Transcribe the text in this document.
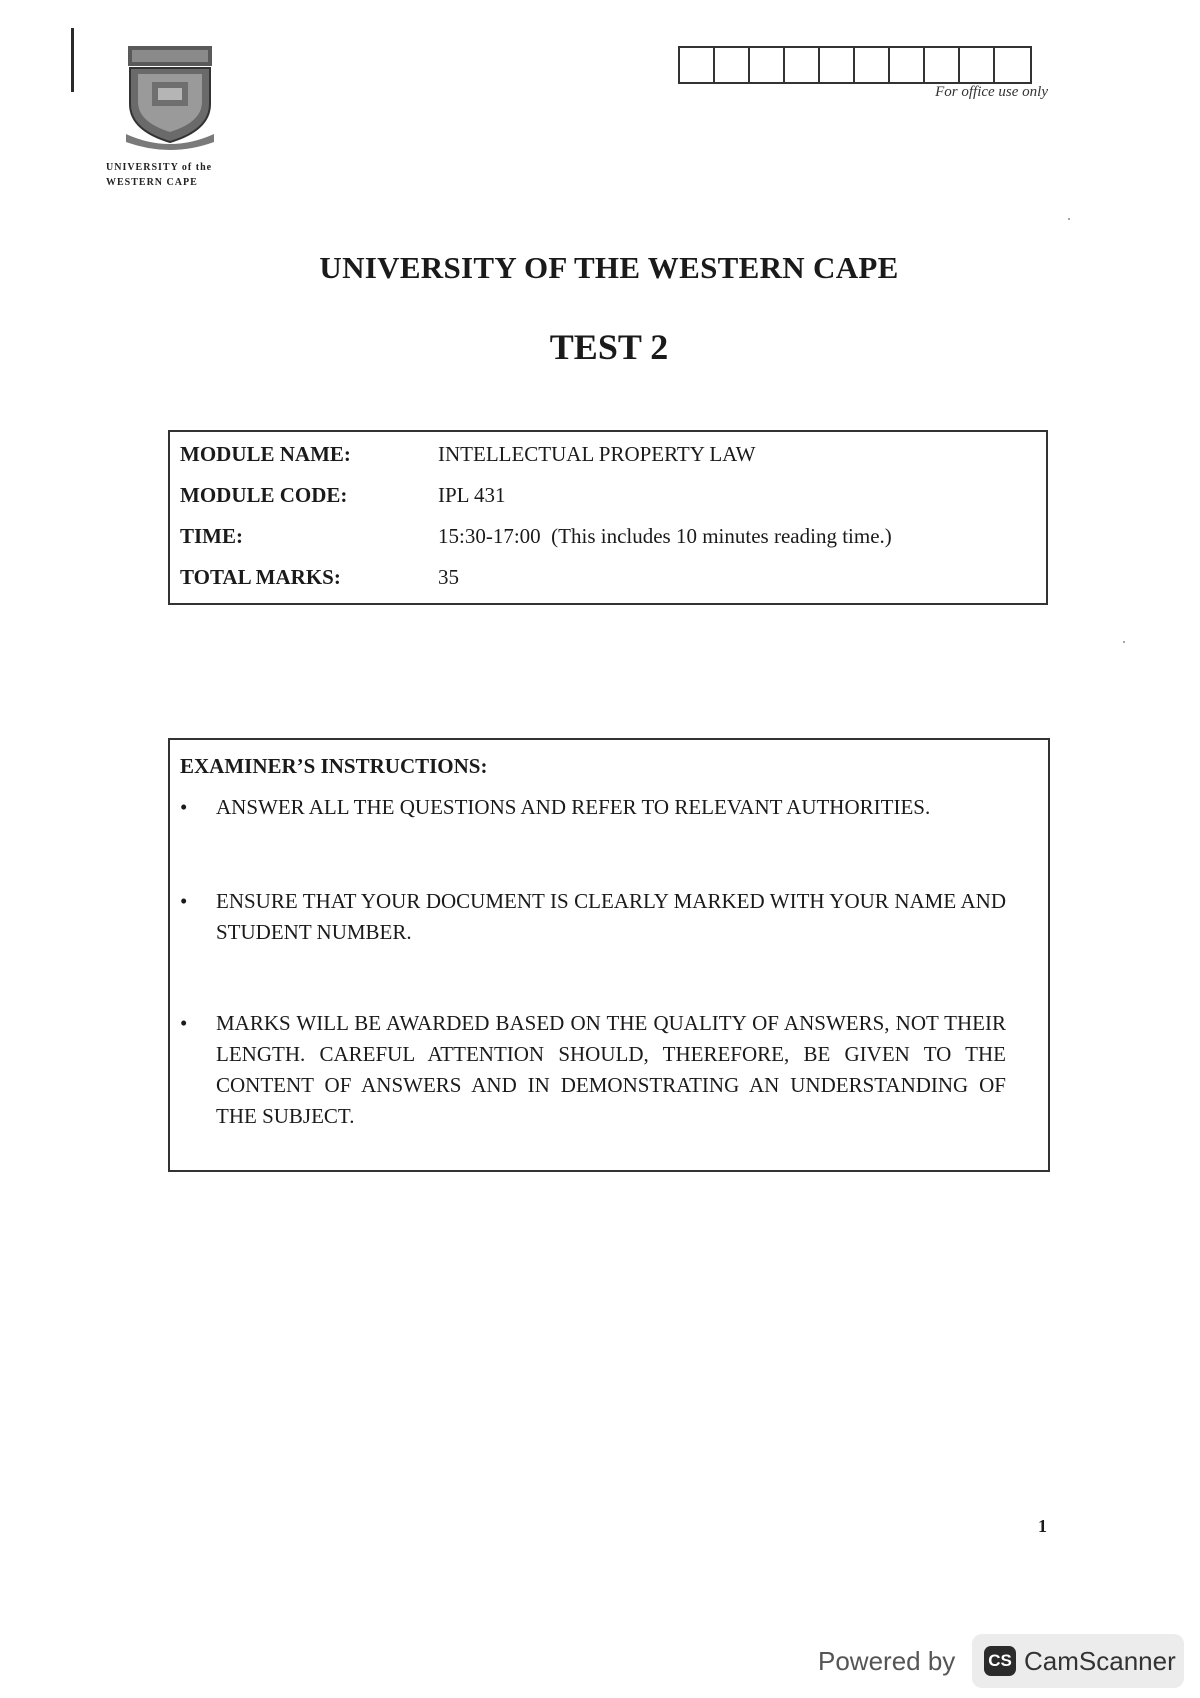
UNIVERSITY of the
WESTERN CAPE
For office use only
UNIVERSITY OF THE WESTERN CAPE
TEST 2
MODULE NAME:	INTELLECTUAL PROPERTY LAW
MODULE CODE:	IPL 431
TIME:	15:30-17:00  (This includes 10 minutes reading time.)
TOTAL MARKS:	35
EXAMINER’S INSTRUCTIONS:
• ANSWER ALL THE QUESTIONS AND REFER TO RELEVANT AUTHORITIES.
• ENSURE THAT YOUR DOCUMENT IS CLEARLY MARKED WITH YOUR NAME AND STUDENT NUMBER.
• MARKS WILL BE AWARDED BASED ON THE QUALITY OF ANSWERS, NOT THEIR LENGTH. CAREFUL ATTENTION SHOULD, THEREFORE, BE GIVEN TO THE CONTENT OF ANSWERS AND IN DEMONSTRATING AN UNDERSTANDING OF THE SUBJECT.
1
Powered by CS CamScanner
